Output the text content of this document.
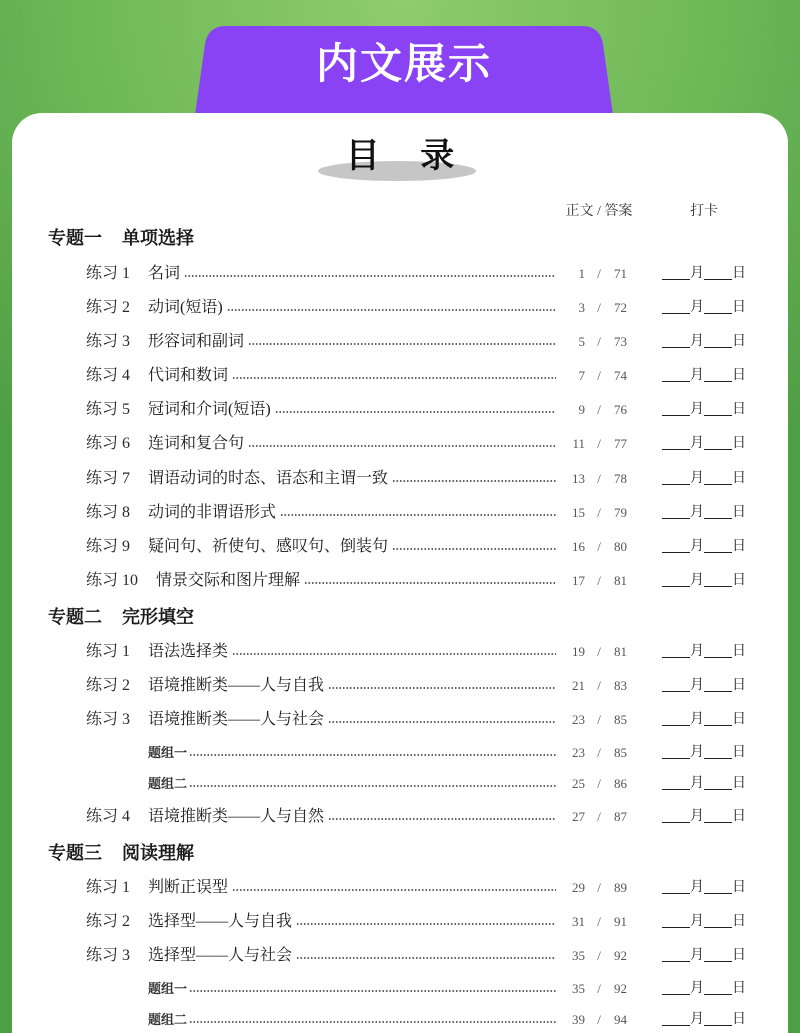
内文展示
目 录
正文 / 答案	打卡
专题一 单项选择
练习 1 名词	1 /	71	月 日
练习 2 动词(短语)	3 /	72	月 日
练习 3 形容词和副词	5 /	73	月 日
练习 4 代词和数词	7 /	74	月 日
练习 5 冠词和介词(短语)	9 /	76	月 日
练习 6 连词和复合句	11 /	77	月 日
练习 7 谓语动词的时态、语态和主谓一致	13 /	78	月 日
练习 8 动词的非谓语形式	15 /	79	月 日
练习 9 疑问句、祈使句、感叹句、倒装句	16 /	80	月 日
练习 10 情景交际和图片理解	17 /	81	月 日
专题二 完形填空
练习 1 语法选择类	19 /	81	月 日
练习 2 语境推断类——人与自我	21 /	83	月 日
练习 3 语境推断类——人与社会	23 /	85	月 日
题组一	23 /	85	月 日
题组二	25 /	86	月 日
练习 4 语境推断类——人与自然	27 /	87	月 日
专题三 阅读理解
练习 1 判断正误型	29 /	89	月 日
练习 2 选择型——人与自我	31 /	91	月 日
练习 3 选择型——人与社会	35 /	92	月 日
题组一	35 /	92	月 日
题组二	39 /	94	月 日
